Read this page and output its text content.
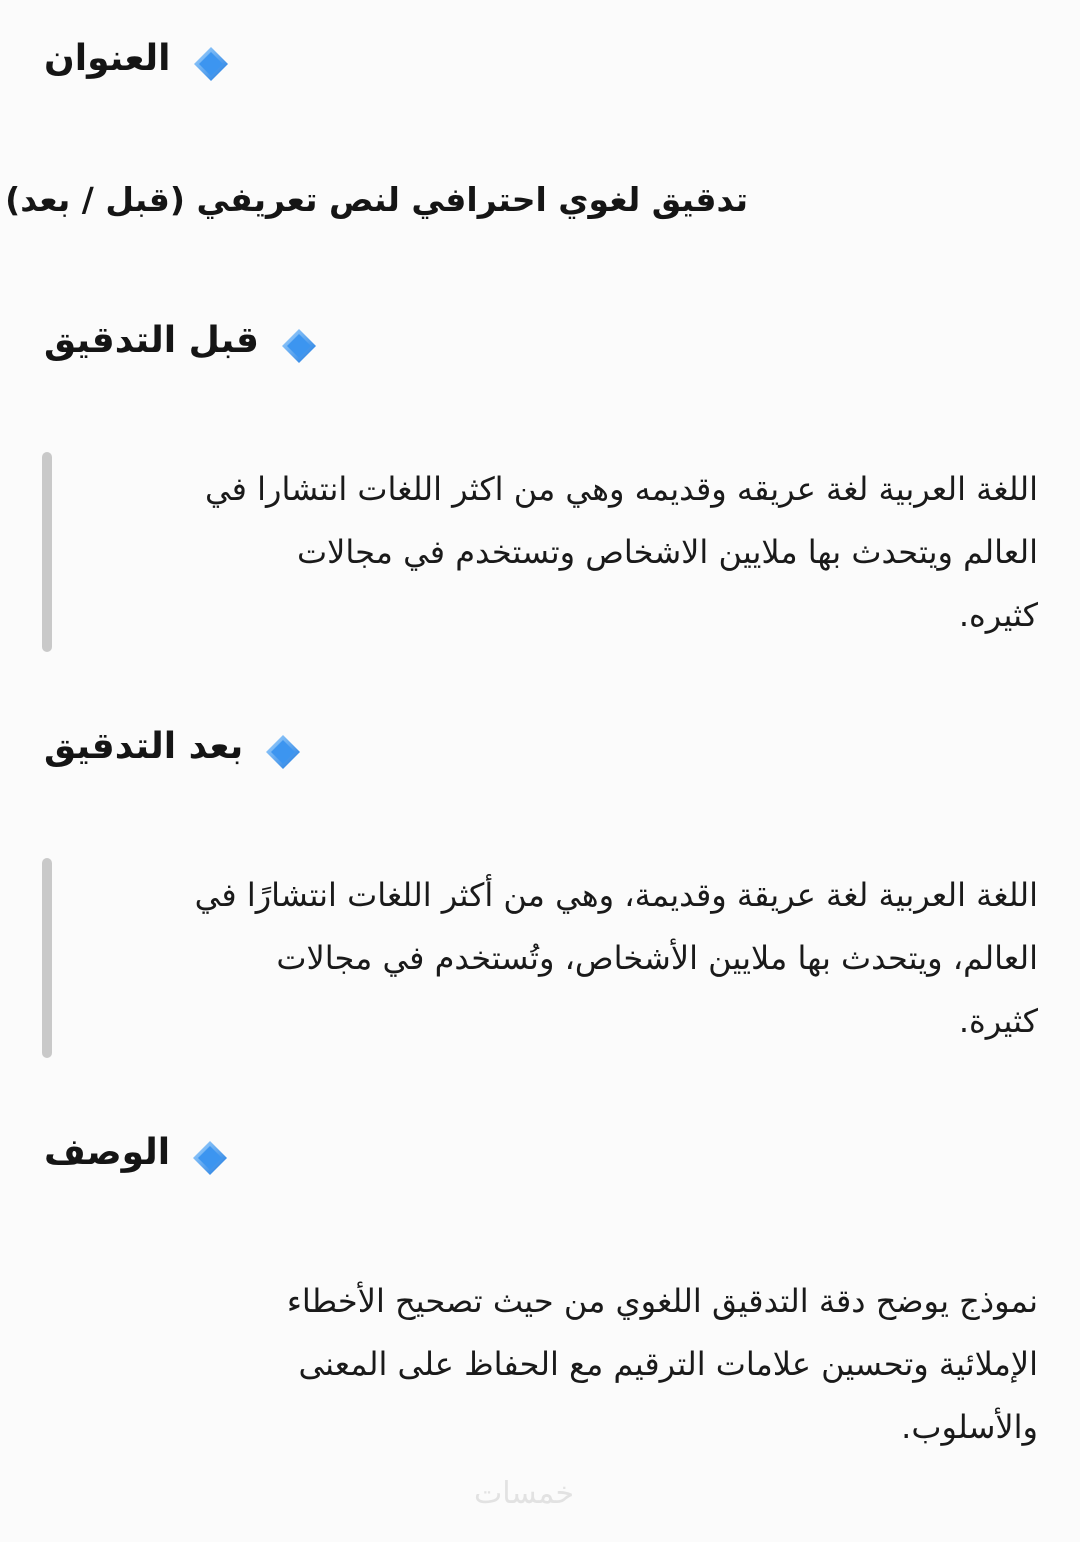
العنوان
تدقيق لغوي احترافي لنص تعريفي (قبل / بعد)
قبل التدقيق
اللغة العربية لغة عريقه وقديمه وهي من اكثر اللغات انتشارا في
العالم ويتحدث بها ملايين الاشخاص وتستخدم في مجالات
كثيره.
بعد التدقيق
اللغة العربية لغة عريقة وقديمة، وهي من أكثر اللغات انتشارًا في
العالم، ويتحدث بها ملايين الأشخاص، وتُستخدم في مجالات
كثيرة.
الوصف
نموذج يوضح دقة التدقيق اللغوي من حيث تصحيح الأخطاء
الإملائية وتحسين علامات الترقيم مع الحفاظ على المعنى
والأسلوب.
خمسات
